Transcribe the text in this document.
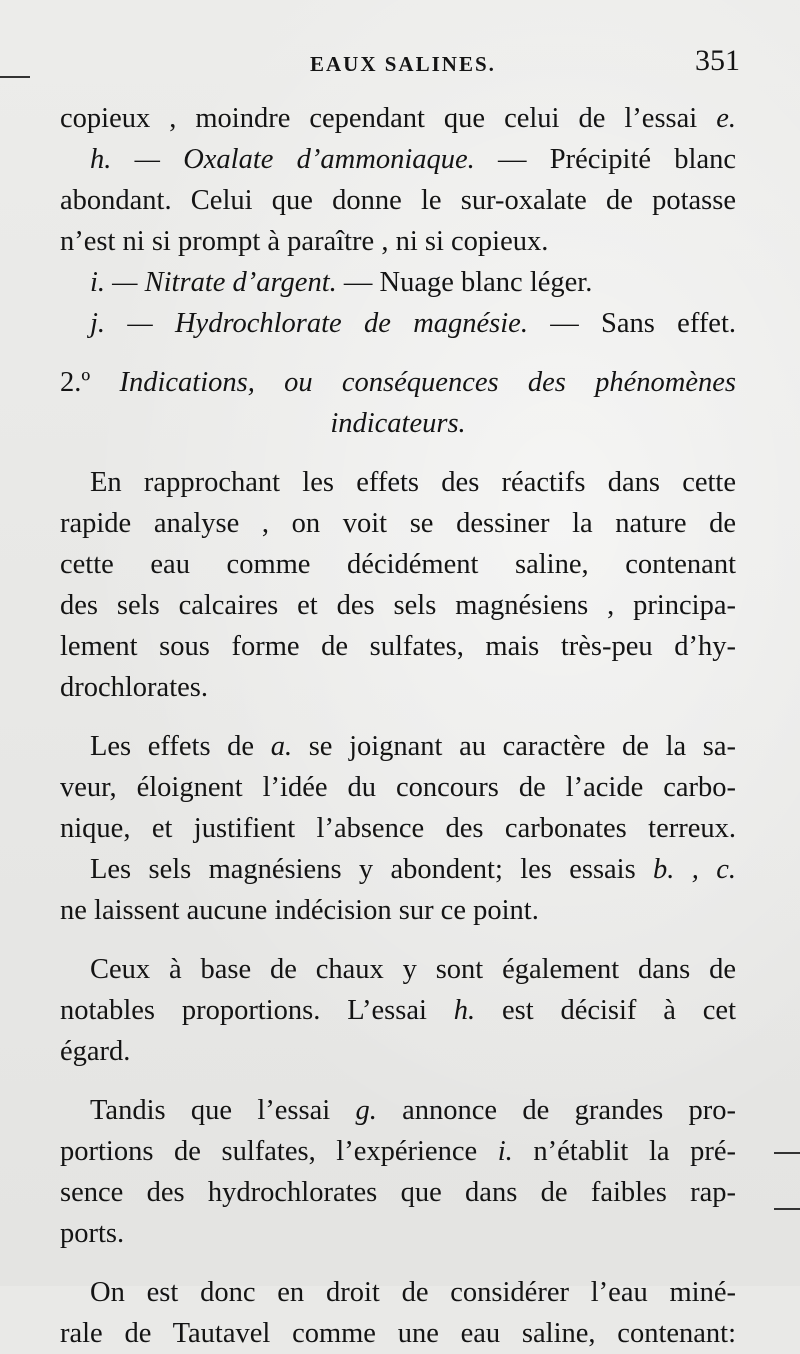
EAUX SALINES.	351
copieux , moindre cependant que celui de l’essai e.
h. — Oxalate d’ammoniaque. — Précipité blanc
abondant. Celui que donne le sur-oxalate de potasse
n’est ni si prompt à paraître , ni si copieux.
i. — Nitrate d’argent. — Nuage blanc léger.
j. — Hydrochlorate de magnésie. — Sans effet.
2.º Indications, ou conséquences des phénomènes
indicateurs.
En rapprochant les effets des réactifs dans cette
rapide analyse , on voit se dessiner la nature de
cette eau comme décidément saline, contenant
des sels calcaires et des sels magnésiens , principa-
lement sous forme de sulfates, mais très-peu d’hy-
drochlorates.
Les effets de a. se joignant au caractère de la sa-
veur, éloignent l’idée du concours de l’acide carbo-
nique, et justifient l’absence des carbonates terreux.
Les sels magnésiens y abondent; les essais b. , c.
ne laissent aucune indécision sur ce point.
Ceux à base de chaux y sont également dans de
notables proportions. L’essai h. est décisif à cet
égard.
Tandis que l’essai g. annonce de grandes pro-
portions de sulfates, l’expérience i. n’établit la pré-
sence des hydrochlorates que dans de faibles rap-
ports.
On est donc en droit de considérer l’eau miné-
rale de Tautavel comme une eau saline, contenant:
